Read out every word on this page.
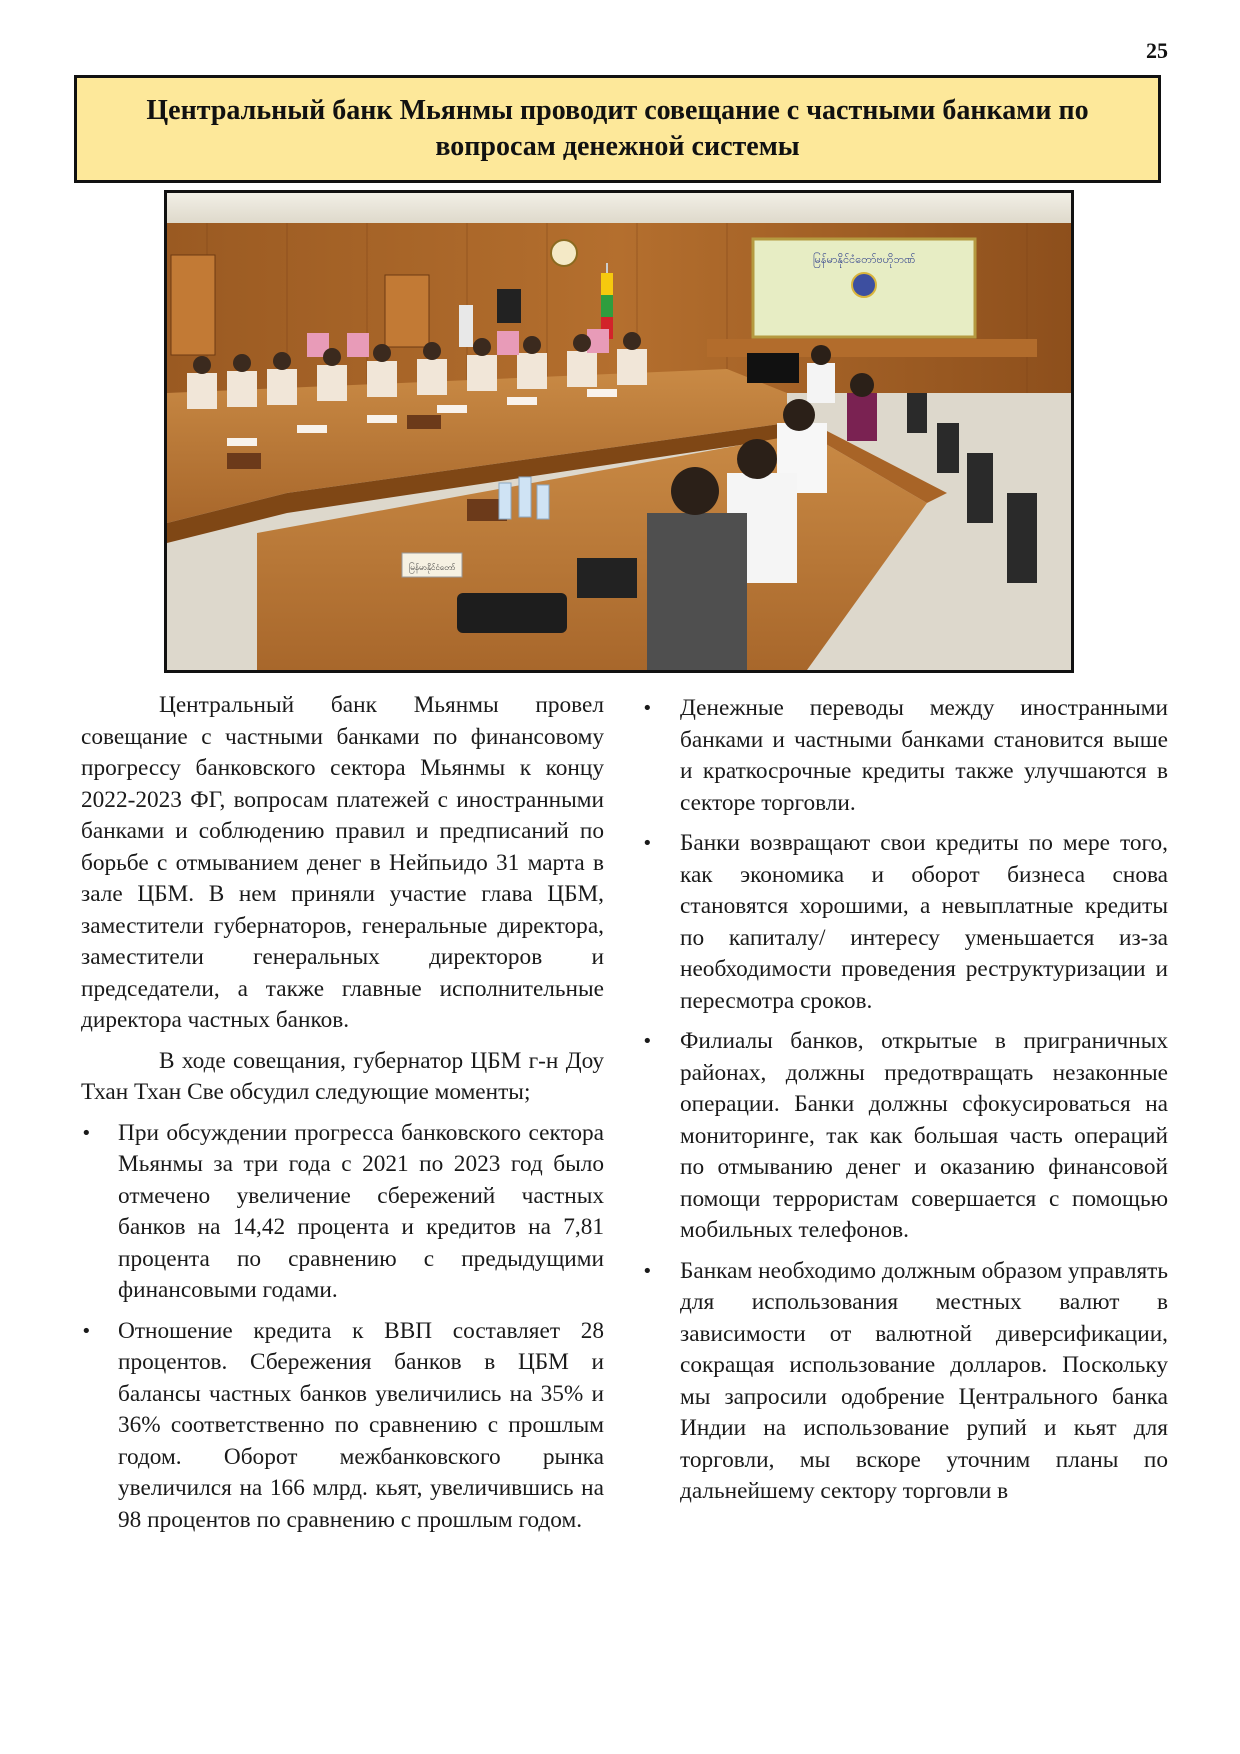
25
Центральный банк Мьянмы проводит совещание с частными банками по вопросам денежной системы
မြန်မာနိုင်ငံတော်ဗဟိုဘဏ်
မြန်မာနိုင်ငံတော်

Центральный банк Мьянмы провел совещание с частными банками по финансовому прогрессу банковского сектора Мьянмы к концу 2022-2023 ФГ, вопросам платежей с иностранными банками и соблюдению правил и предписаний по борьбе с отмыванием денег в Нейпьидо 31 марта в зале ЦБМ. В нем приняли участие глава ЦБМ, заместители губернаторов, генеральные директора, заместители генеральных директоров и председатели, а также главные исполнительные директора частных банков.

В ходе совещания, губернатор ЦБМ г-н Доу Тхан Тхан Све обсудил следующие моменты;

•	При обсуждении прогресса банковского сектора Мьянмы за три года с 2021 по 2023 год было отмечено увеличение сбережений частных банков на 14,42 процента и кредитов на 7,81 процента по сравнению с предыдущими финансовыми годами.
•	Отношение кредита к ВВП составляет 28 процентов. Сбережения банков в ЦБМ и балансы частных банков увеличились на 35% и 36% соответственно по сравнению с прошлым годом. Оборот межбанковского рынка увеличился на 166 млрд. кьят, увеличившись на 98 процентов по сравнению с прошлым годом.
•	Денежные переводы между иностранными банками и частными банками становится выше и краткосрочные кредиты также улучшаются в секторе торговли.
•	Банки возвращают свои кредиты по мере того, как экономика и оборот бизнеса снова становятся хорошими, а невыплатные кредиты по капиталу/ интересу уменьшается из-за необходимости проведения реструктуризации и пересмотра сроков.
•	Филиалы банков, открытые в приграничных районах, должны предотвращать незаконные операции. Банки должны сфокусироваться на мониторинге, так как большая часть операций по отмыванию денег и оказанию финансовой помощи террористам совершается с помощью мобильных телефонов.
•	Банкам необходимо должным образом управлять для использования местных валют в зависимости от валютной диверсификации, сокращая использование долларов. Поскольку мы запросили одобрение Центрального банка Индии на использование рупий и кьят для торговли, мы вскоре уточним планы по дальнейшему сектору торговли в
